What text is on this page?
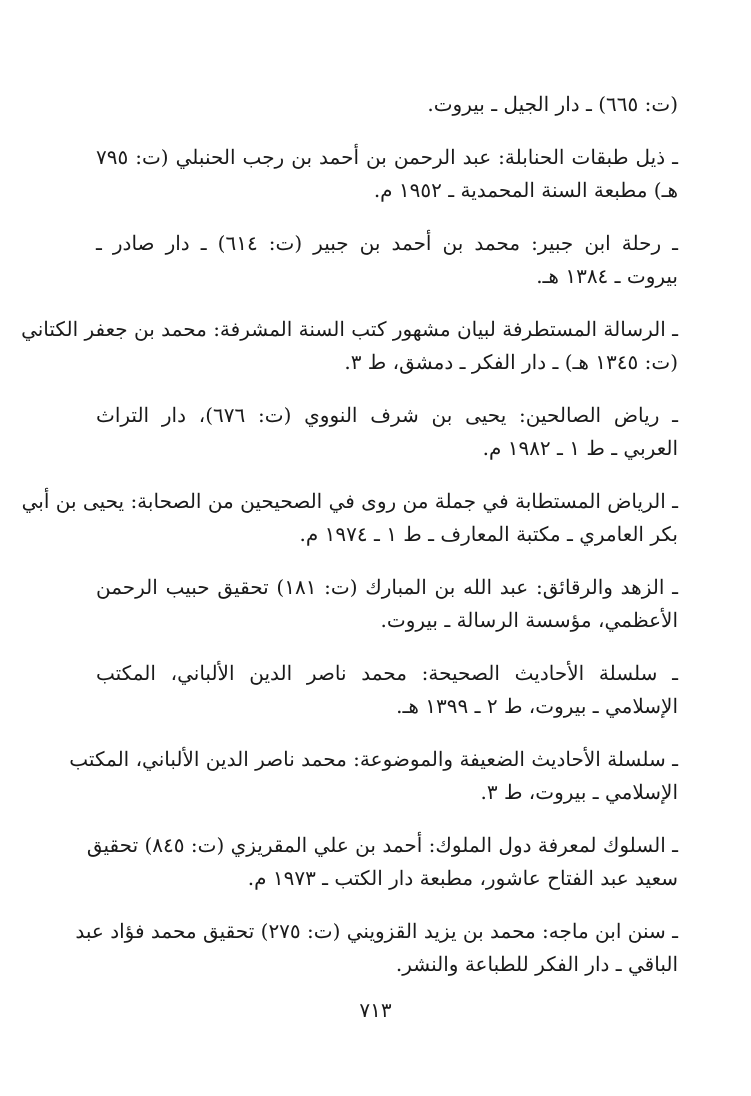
(ت: ٦٦٥) ـ دار الجيل ـ بيروت.
ـ ذيل طبقات الحنابلة: عبد الرحمن بن أحمد بن رجب الحنبلي (ت: ٧٩٥
هـ) مطبعة السنة المحمدية ـ ١٩٥٢ م.
ـ رحلة ابن جبير: محمد بن أحمد بن جبير (ت: ٦١٤) ـ دار صادر ـ
بيروت ـ ١٣٨٤ هـ.
ـ الرسالة المستطرفة لبيان مشهور كتب السنة المشرفة: محمد بن جعفر الكتاني
(ت: ١٣٤٥ هـ) ـ دار الفكر ـ دمشق، ط ٣.
ـ رياض الصالحين: يحيى بن شرف النووي (ت: ٦٧٦)، دار التراث
العربي ـ ط ١ ـ ١٩٨٢ م.
ـ الرياض المستطابة في جملة من روى في الصحيحين من الصحابة: يحيى بن أبي
بكر العامري ـ مكتبة المعارف ـ ط ١ ـ ١٩٧٤ م.
ـ الزهد والرقائق: عبد الله بن المبارك (ت: ١٨١) تحقيق حبيب الرحمن
الأعظمي، مؤسسة الرسالة ـ بيروت.
ـ سلسلة الأحاديث الصحيحة: محمد ناصر الدين الألباني، المكتب
الإسلامي ـ بيروت، ط ٢ ـ ١٣٩٩ هـ.
ـ سلسلة الأحاديث الضعيفة والموضوعة: محمد ناصر الدين الألباني، المكتب
الإسلامي ـ بيروت، ط ٣.
ـ السلوك لمعرفة دول الملوك: أحمد بن علي المقريزي (ت: ٨٤٥) تحقيق
سعيد عبد الفتاح عاشور، مطبعة دار الكتب ـ ١٩٧٣ م.
ـ سنن ابن ماجه: محمد بن يزيد القزويني (ت: ٢٧٥) تحقيق محمد فؤاد عبد
الباقي ـ دار الفكر للطباعة والنشر.
٧١٣
